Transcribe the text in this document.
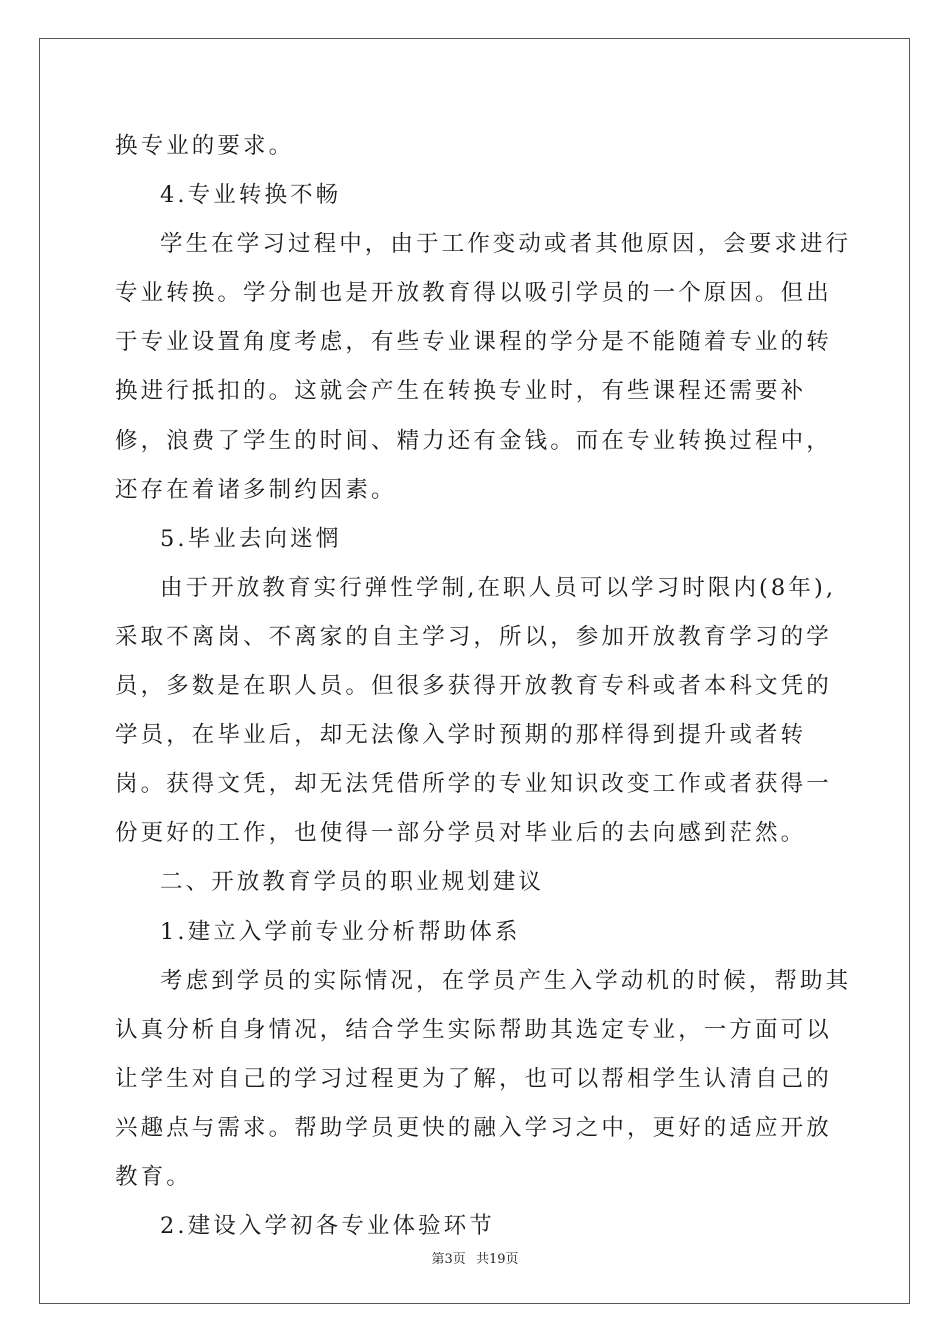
换专业的要求。

4.专业转换不畅

学生在学习过程中，由于工作变动或者其他原因，会要求进行专业转换。学分制也是开放教育得以吸引学员的一个原因。但出于专业设置角度考虑，有些专业课程的学分是不能随着专业的转换进行抵扣的。这就会产生在转换专业时，有些课程还需要补修，浪费了学生的时间、精力还有金钱。而在专业转换过程中，还存在着诸多制约因素。

5.毕业去向迷惘

由于开放教育实行弹性学制,在职人员可以学习时限内(8年),采取不离岗、不离家的自主学习，所以，参加开放教育学习的学员，多数是在职人员。但很多获得开放教育专科或者本科文凭的学员，在毕业后，却无法像入学时预期的那样得到提升或者转岗。获得文凭，却无法凭借所学的专业知识改变工作或者获得一份更好的工作，也使得一部分学员对毕业后的去向感到茫然。

二、开放教育学员的职业规划建议

1.建立入学前专业分析帮助体系

考虑到学员的实际情况，在学员产生入学动机的时候，帮助其认真分析自身情况，结合学生实际帮助其选定专业，一方面可以让学生对自己的学习过程更为了解，也可以帮相学生认清自己的兴趣点与需求。帮助学员更快的融入学习之中，更好的适应开放教育。

2.建设入学初各专业体验环节

第3页 共19页
